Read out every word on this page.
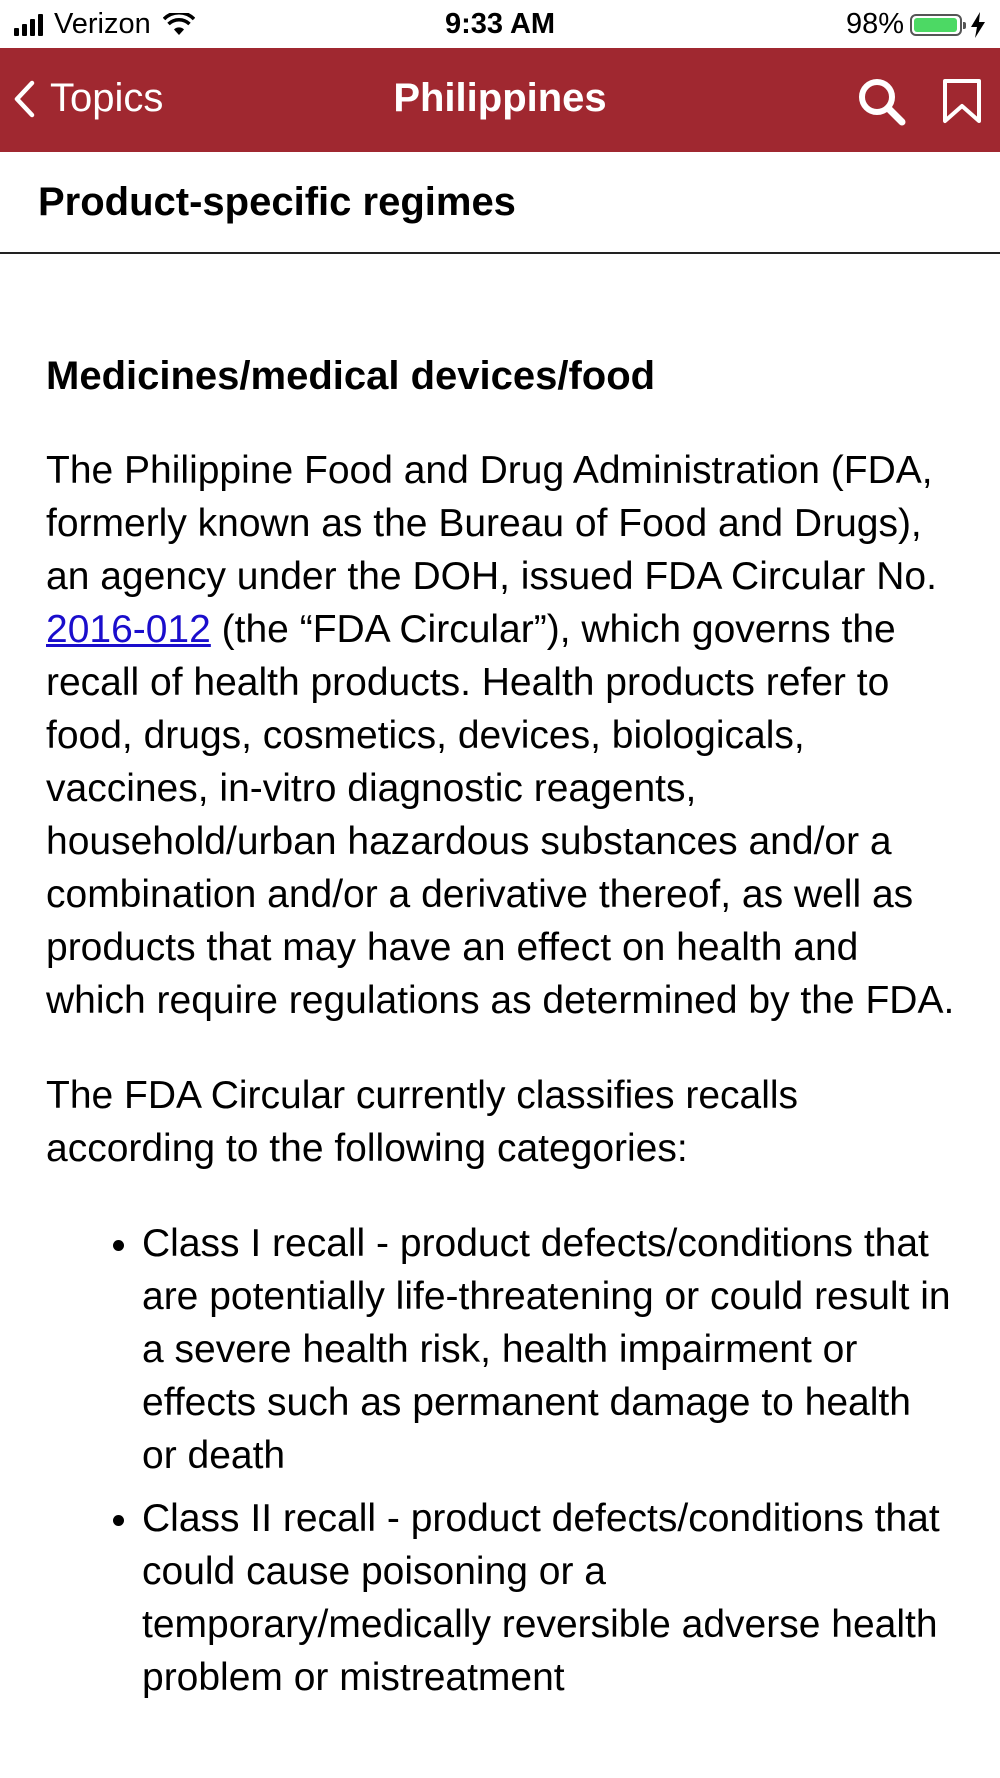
Verizon	9:33 AM	98%
Topics	Philippines
Product-specific regimes
Medicines/medical devices/food

The Philippine Food and Drug Administration (FDA, formerly known as the Bureau of Food and Drugs), an agency under the DOH, issued FDA Circular No. 2016-012 (the “FDA Circular”), which governs the recall of health products. Health products refer to food, drugs, cosmetics, devices, biologicals, vaccines, in-vitro diagnostic reagents, household/urban hazardous substances and/or a combination and/or a derivative thereof, as well as products that may have an effect on health and which require regulations as determined by the FDA.

The FDA Circular currently classifies recalls according to the following categories:

• Class I recall - product defects/conditions that are potentially life-threatening or could result in a severe health risk, health impairment or effects such as permanent damage to health or death
• Class II recall - product defects/conditions that could cause poisoning or a temporary/medically reversible adverse health problem or mistreatment
